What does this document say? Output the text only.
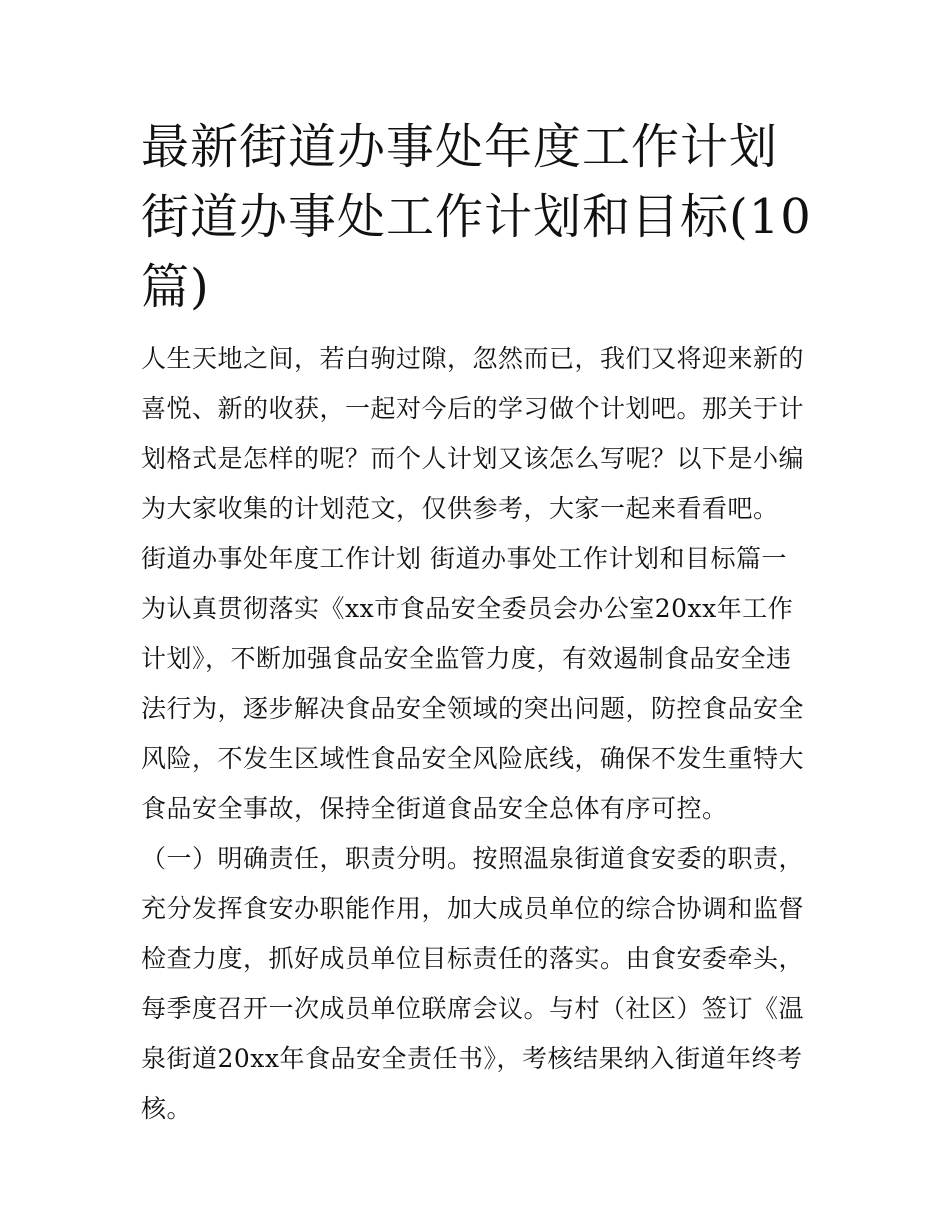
最新街道办事处年度工作计划
街道办事处工作计划和目标(10
篇)

人生天地之间，若白驹过隙，忽然而已，我们又将迎来新的喜悦、新的收获，一起对今后的学习做个计划吧。那关于计划格式是怎样的呢？而个人计划又该怎么写呢？以下是小编为大家收集的计划范文，仅供参考，大家一起来看看吧。

街道办事处年度工作计划 街道办事处工作计划和目标篇一

为认真贯彻落实《xx市食品安全委员会办公室20xx年工作计划》，不断加强食品安全监管力度，有效遏制食品安全违法行为，逐步解决食品安全领域的突出问题，防控食品安全风险，不发生区域性食品安全风险底线，确保不发生重特大食品安全事故，保持全街道食品安全总体有序可控。

（一）明确责任，职责分明。按照温泉街道食安委的职责，充分发挥食安办职能作用，加大成员单位的综合协调和监督检查力度，抓好成员单位目标责任的落实。由食安委牵头，每季度召开一次成员单位联席会议。与村（社区）签订《温泉街道20xx年食品安全责任书》，考核结果纳入街道年终考核。
